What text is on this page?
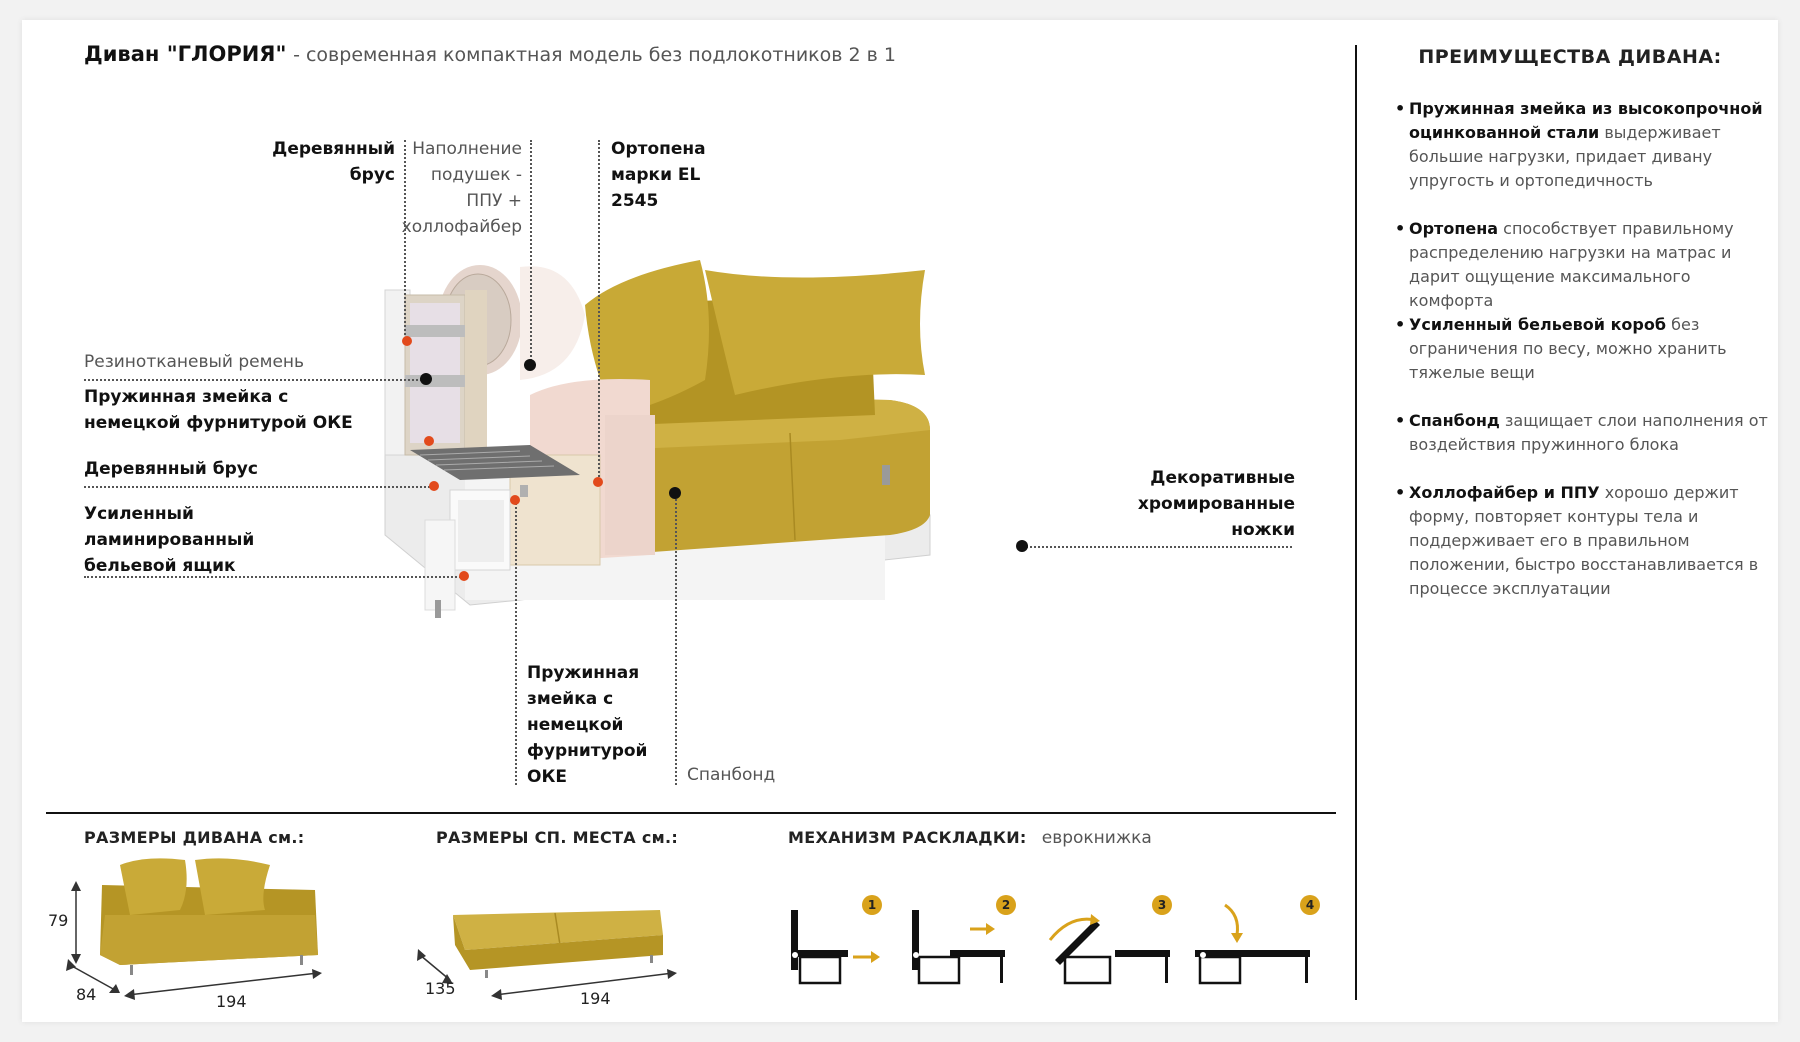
Диван "ГЛОРИЯ" - современная компактная модель без подлокотников 2 в 1
Деревянный брус
Наполнение подушек - ППУ + холлофайбер
Ортопена марки EL 2545
Резинотканевый ремень
Пружинная змейка с немецкой фурнитурой ОКЕ
Деревянный брус
Усиленный ламинированный бельевой ящик
Декоративные хромированные ножки
Пружинная змейка с немецкой фурнитурой ОКЕ	Спанбонд
ПРЕИМУЩЕСТВА ДИВАНА:
• Пружинная змейка из высокопрочной оцинкованной стали выдерживает большие нагрузки, придает дивану упругость и ортопедичность
• Ортопена способствует правильному распределению нагрузки на матрас и дарит ощущение максимального комфорта
• Усиленный бельевой короб без ограничения по весу, можно хранить тяжелые вещи
• Спанбонд защищает слои наполнения от воздействия пружинного блока
• Холлофайбер и ППУ хорошо держит форму, повторяет контуры тела и поддерживает его в правильном положении, быстро восстанавливается в процессе эксплуатации
РАЗМЕРЫ ДИВАНА см.:
79
84	194
РАЗМЕРЫ СП. МЕСТА см.:
135
194
МЕХАНИЗМ РАСКЛАДКИ: еврокнижка
1	2	3	4
